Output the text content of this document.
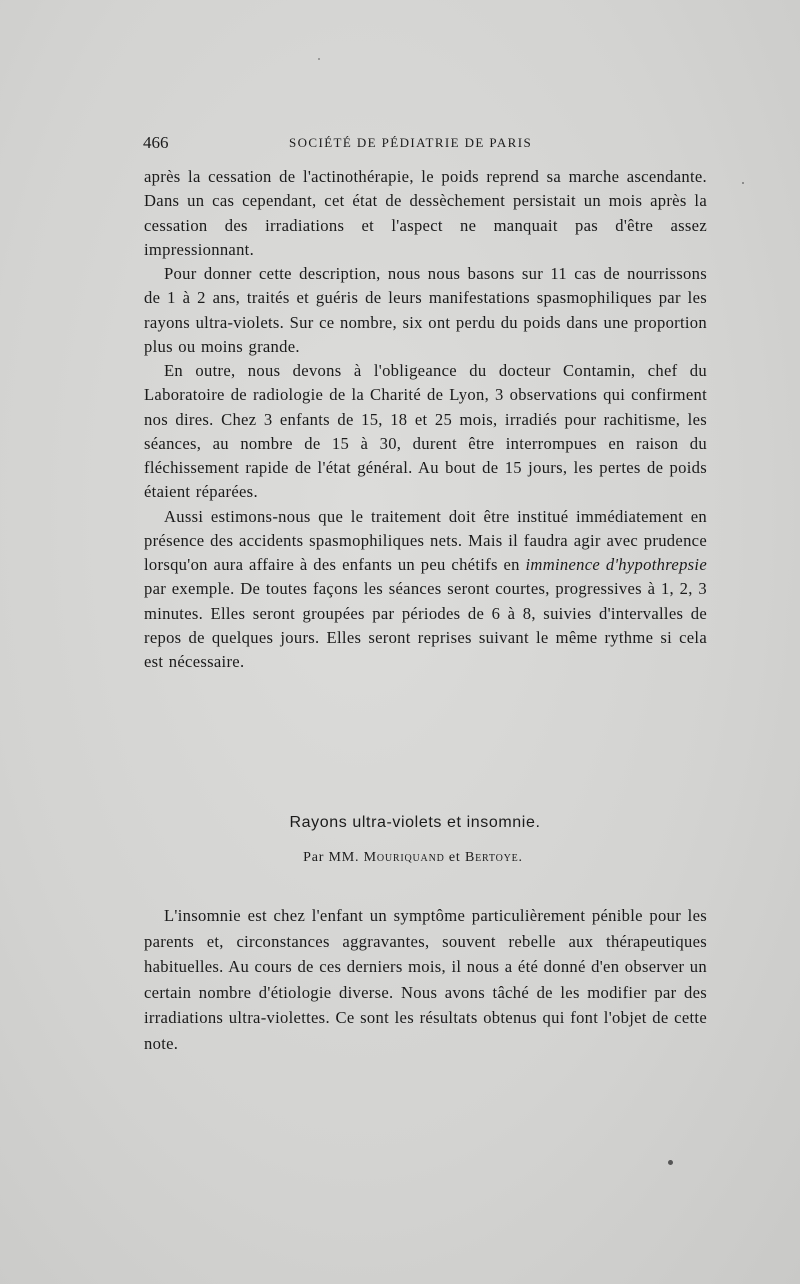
466	SOCIÉTÉ DE PÉDIATRIE DE PARIS

après la cessation de l'actinothérapie, le poids reprend sa marche ascendante. Dans un cas cependant, cet état de dessèchement persistait un mois après la cessation des irradiations et l'aspect ne manquait pas d'être assez impressionnant.

Pour donner cette description, nous nous basons sur 11 cas de nourrissons de 1 à 2 ans, traités et guéris de leurs manifestations spasmophiliques par les rayons ultra-violets. Sur ce nombre, six ont perdu du poids dans une proportion plus ou moins grande.

En outre, nous devons à l'obligeance du docteur Contamin, chef du Laboratoire de radiologie de la Charité de Lyon, 3 observations qui confirment nos dires. Chez 3 enfants de 15, 18 et 25 mois, irradiés pour rachitisme, les séances, au nombre de 15 à 30, durent être interrompues en raison du fléchissement rapide de l'état général. Au bout de 15 jours, les pertes de poids étaient réparées.

Aussi estimons-nous que le traitement doit être institué immédiatement en présence des accidents spasmophiliques nets. Mais il faudra agir avec prudence lorsqu'on aura affaire à des enfants un peu chétifs en imminence d'hypothrepsie par exemple. De toutes façons les séances seront courtes, progressives à 1, 2, 3 minutes. Elles seront groupées par périodes de 6 à 8, suivies d'intervalles de repos de quelques jours. Elles seront reprises suivant le même rythme si cela est nécessaire.

Rayons ultra-violets et insomnie.
Par MM. Mouriquand et Bertoye.

L'insomnie est chez l'enfant un symptôme particulièrement pénible pour les parents et, circonstances aggravantes, souvent rebelle aux thérapeutiques habituelles. Au cours de ces derniers mois, il nous a été donné d'en observer un certain nombre d'étiologie diverse. Nous avons tâché de les modifier par des irradiations ultra-violettes. Ce sont les résultats obtenus qui font l'objet de cette note.
